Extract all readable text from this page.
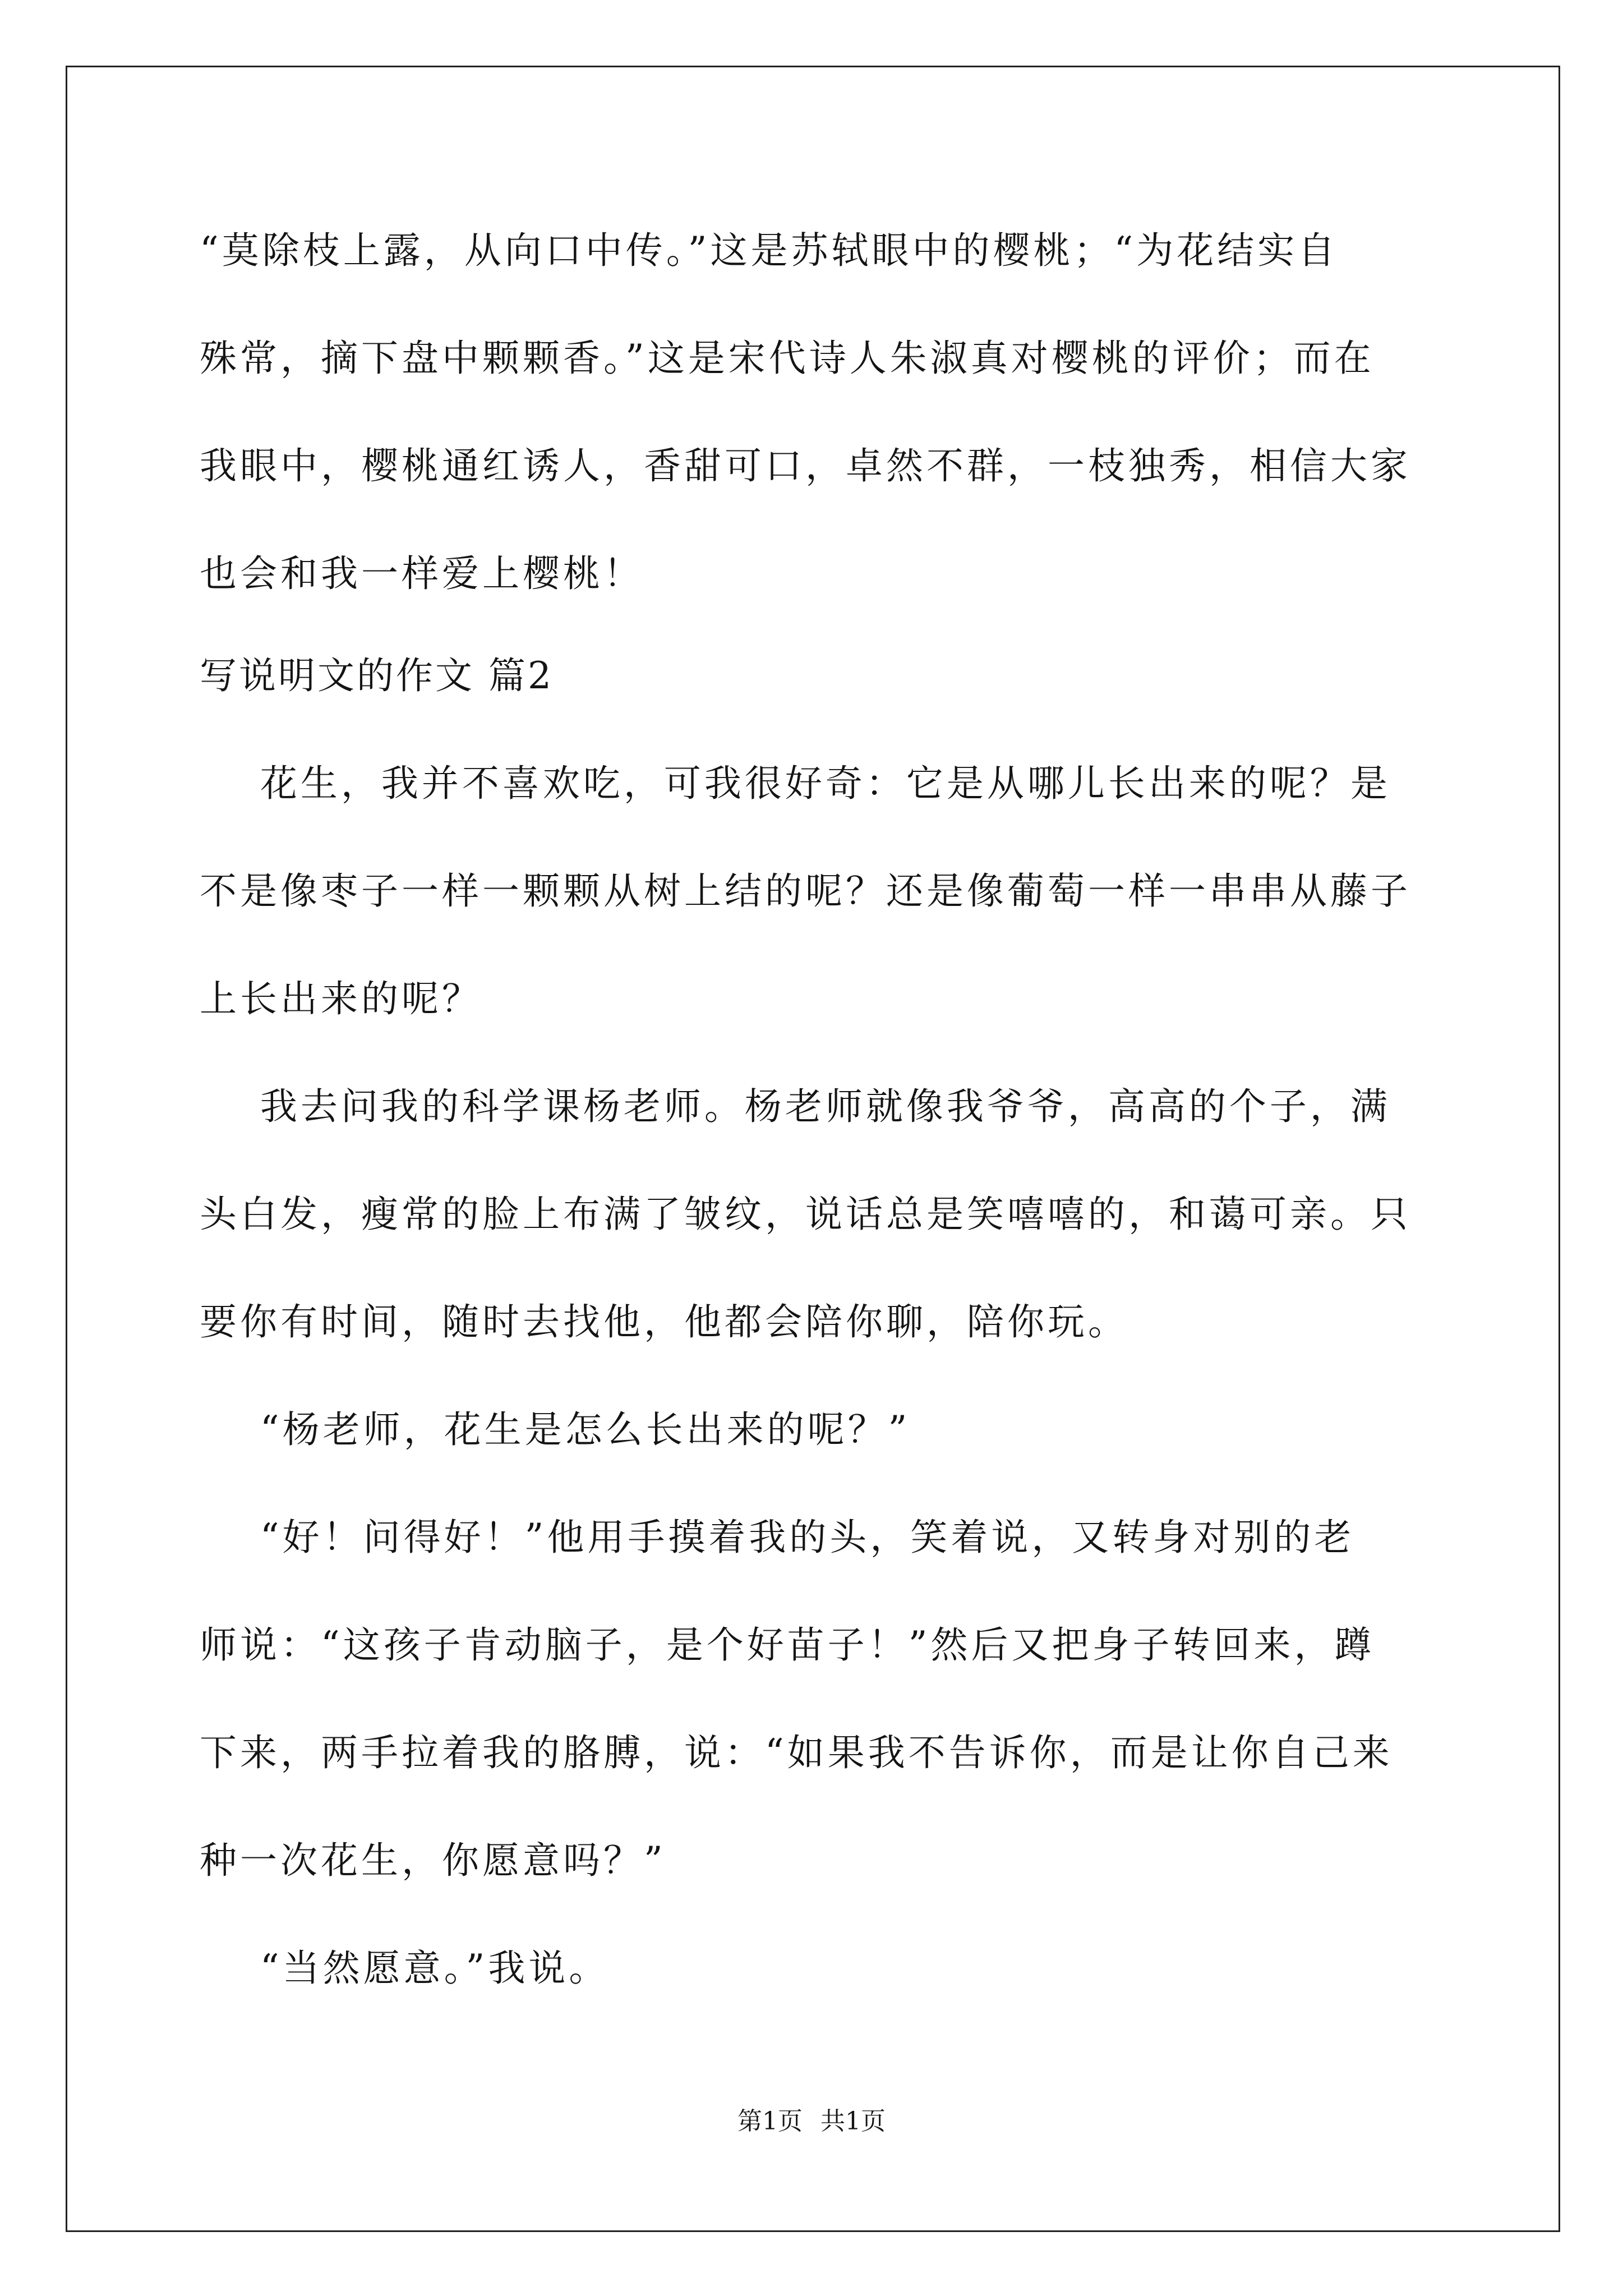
“莫除枝上露，从向口中传。”这是苏轼眼中的樱桃；“为花结实自
殊常，摘下盘中颗颗香。”这是宋代诗人朱淑真对樱桃的评价；而在
我眼中，樱桃通红诱人，香甜可口，卓然不群，一枝独秀，相信大家
也会和我一样爱上樱桃！
写说明文的作文 篇2
花生，我并不喜欢吃，可我很好奇：它是从哪儿长出来的呢？是
不是像枣子一样一颗颗从树上结的呢？还是像葡萄一样一串串从藤子
上长出来的呢？
我去问我的科学课杨老师。杨老师就像我爷爷，高高的个子，满
头白发，瘦常的脸上布满了皱纹，说话总是笑嘻嘻的，和蔼可亲。只
要你有时间，随时去找他，他都会陪你聊，陪你玩。
“杨老师，花生是怎么长出来的呢？”
“好！问得好！”他用手摸着我的头，笑着说，又转身对别的老
师说：“这孩子肯动脑子，是个好苗子！”然后又把身子转回来，蹲
下来，两手拉着我的胳膊，说：“如果我不告诉你，而是让你自己来
种一次花生，你愿意吗？”
“当然愿意。”我说。
第1页 共1页
